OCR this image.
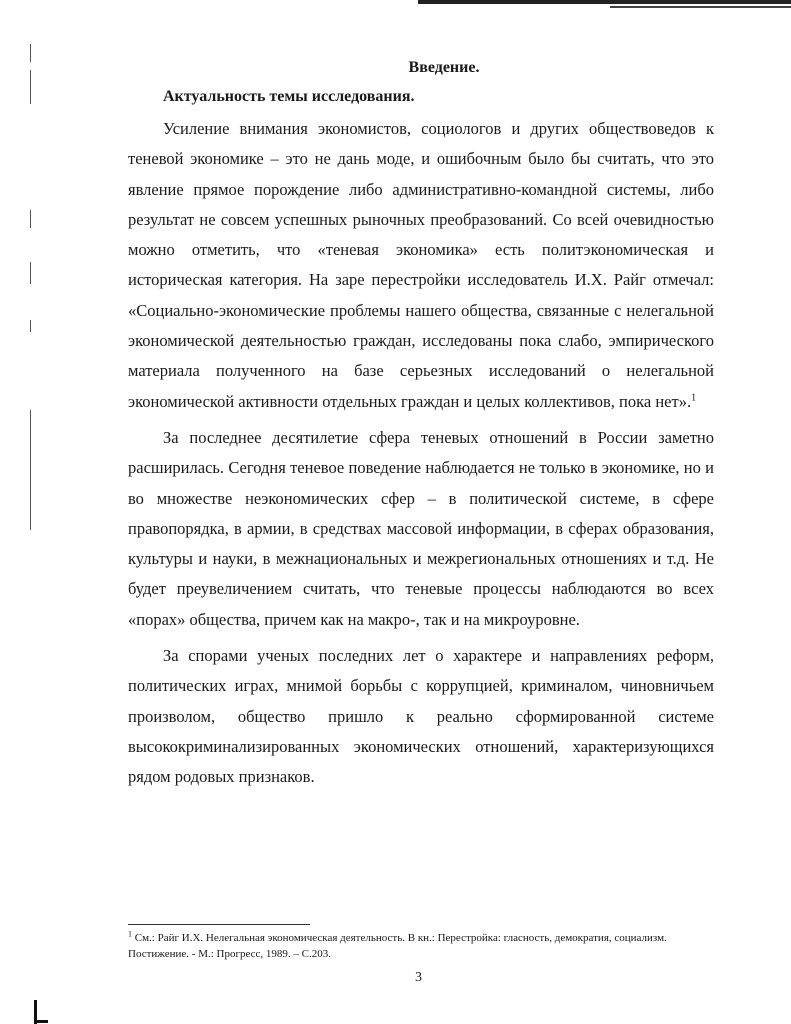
Введение.
Актуальность темы исследования.

Усиление внимания экономистов, социологов и других обществоведов к теневой экономике – это не дань моде, и ошибочным было бы считать, что это явление прямое порождение либо административно-командной системы, либо результат не совсем успешных рыночных преобразований. Со всей очевидностью можно отметить, что «теневая экономика» есть политэкономическая и историческая категория. На заре перестройки исследователь И.Х. Райг отмечал: «Социально-экономические проблемы нашего общества, связанные с нелегальной экономической деятельностью граждан, исследованы пока слабо, эмпирического материала полученного на базе серьезных исследований о нелегальной экономической активности отдельных граждан и целых коллективов, пока нет».$^1$

За последнее десятилетие сфера теневых отношений в России заметно расширилась. Сегодня теневое поведение наблюдается не только в экономике, но и во множестве неэкономических сфер – в политической системе, в сфере правопорядка, в армии, в средствах массовой информации, в сферах образования, культуры и науки, в межнациональных и межрегиональных отношениях и т.д. Не будет преувеличением считать, что теневые процессы наблюдаются во всех «порах» общества, причем как на макро-, так и на микроуровне.

За спорами ученых последних лет о характере и направлениях реформ, политических играх, мнимой борьбы с коррупцией, криминалом, чиновничьем произволом, общество пришло к реально сформированной системе высококриминализированных экономических отношений, характеризующихся рядом родовых признаков.

$^1$ См.: Райг И.Х. Нелегальная экономическая деятельность. В кн.: Перестройка: гласность, демократия, социализм. Постижение. - М.: Прогресс, 1989. – С.203.
3
